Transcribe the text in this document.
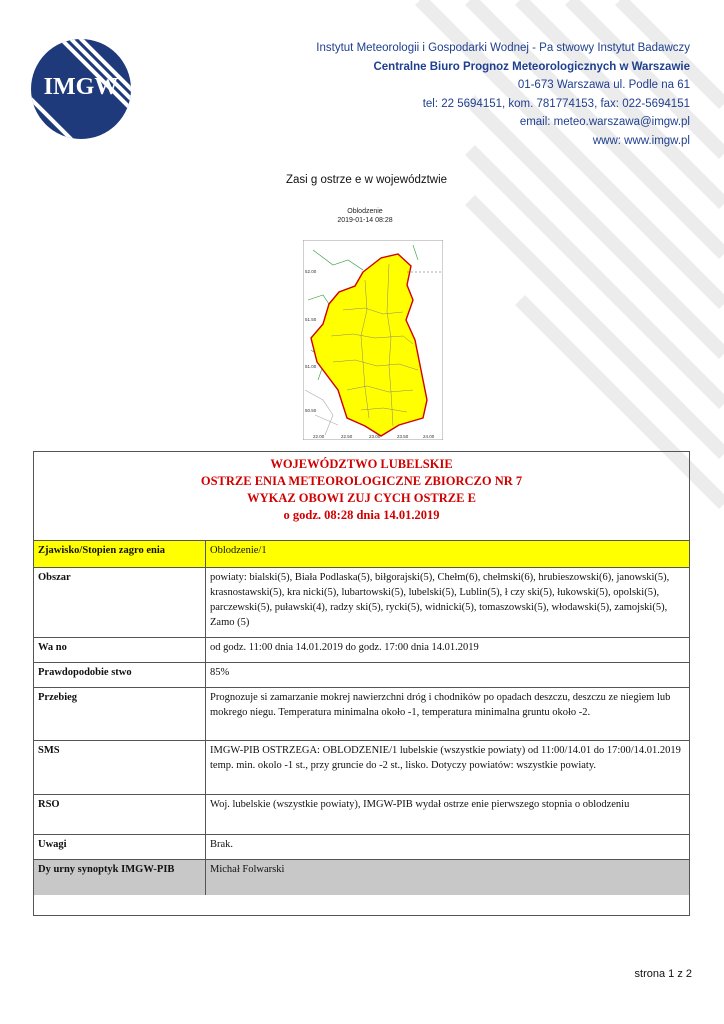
IMGW
Instytut Meteorologii i Gospodarki Wodnej - Pa stwowy Instytut Badawczy
Centralne Biuro Prognoz Meteorologicznych w Warszawie
01-673 Warszawa ul. Podle na 61
tel: 22 5694151, kom. 781774153, fax: 022-5694151
email: meteo.warszawa@imgw.pl
www: www.imgw.pl
Zasi g ostrze e w województwie
Oblodzenie
2019-01-14 08:28
52.00
51.50
51.00
50.50
22.00	22.50	23.00	23.50	24.00
WOJEWÓDZTWO LUBELSKIE
OSTRZE ENIA METEOROLOGICZNE ZBIORCZO NR 7
WYKAZ OBOWI ZUJ CYCH OSTRZE E
o godz. 08:28 dnia 14.01.2019
Zjawisko/Stopien zagro enia	Oblodzenie/1
Obszar	powiaty: bialski(5), Biała Podlaska(5), biłgorajski(5), Chełm(6), chełmski(6), hrubieszowski(6), janowski(5), krasnostawski(5), kra nicki(5), lubartowski(5), lubelski(5), Lublin(5), ł czy ski(5), łukowski(5), opolski(5), parczewski(5), puławski(4), radzy ski(5), rycki(5), widnicki(5), tomaszowski(5), włodawski(5), zamojski(5), Zamo (5)
Wa no	od godz. 11:00 dnia 14.01.2019 do godz. 17:00 dnia 14.01.2019
Prawdopodobie stwo	85%
Przebieg	Prognozuje si zamarzanie mokrej nawierzchni dróg i chodników po opadach deszczu, deszczu ze niegiem lub mokrego niegu. Temperatura minimalna około -1, temperatura minimalna gruntu około -2.
SMS	IMGW-PIB OSTRZEGA: OBLODZENIE/1 lubelskie (wszystkie powiaty) od 11:00/14.01 do 17:00/14.01.2019 temp. min. okolo -1 st., przy gruncie do -2 st., lisko. Dotyczy powiatów: wszystkie powiaty.
RSO	Woj. lubelskie (wszystkie powiaty), IMGW-PIB wydał ostrze enie pierwszego stopnia o oblodzeniu
Uwagi	Brak.
Dy urny synoptyk IMGW-PIB	Michał Folwarski
strona 1 z 2
